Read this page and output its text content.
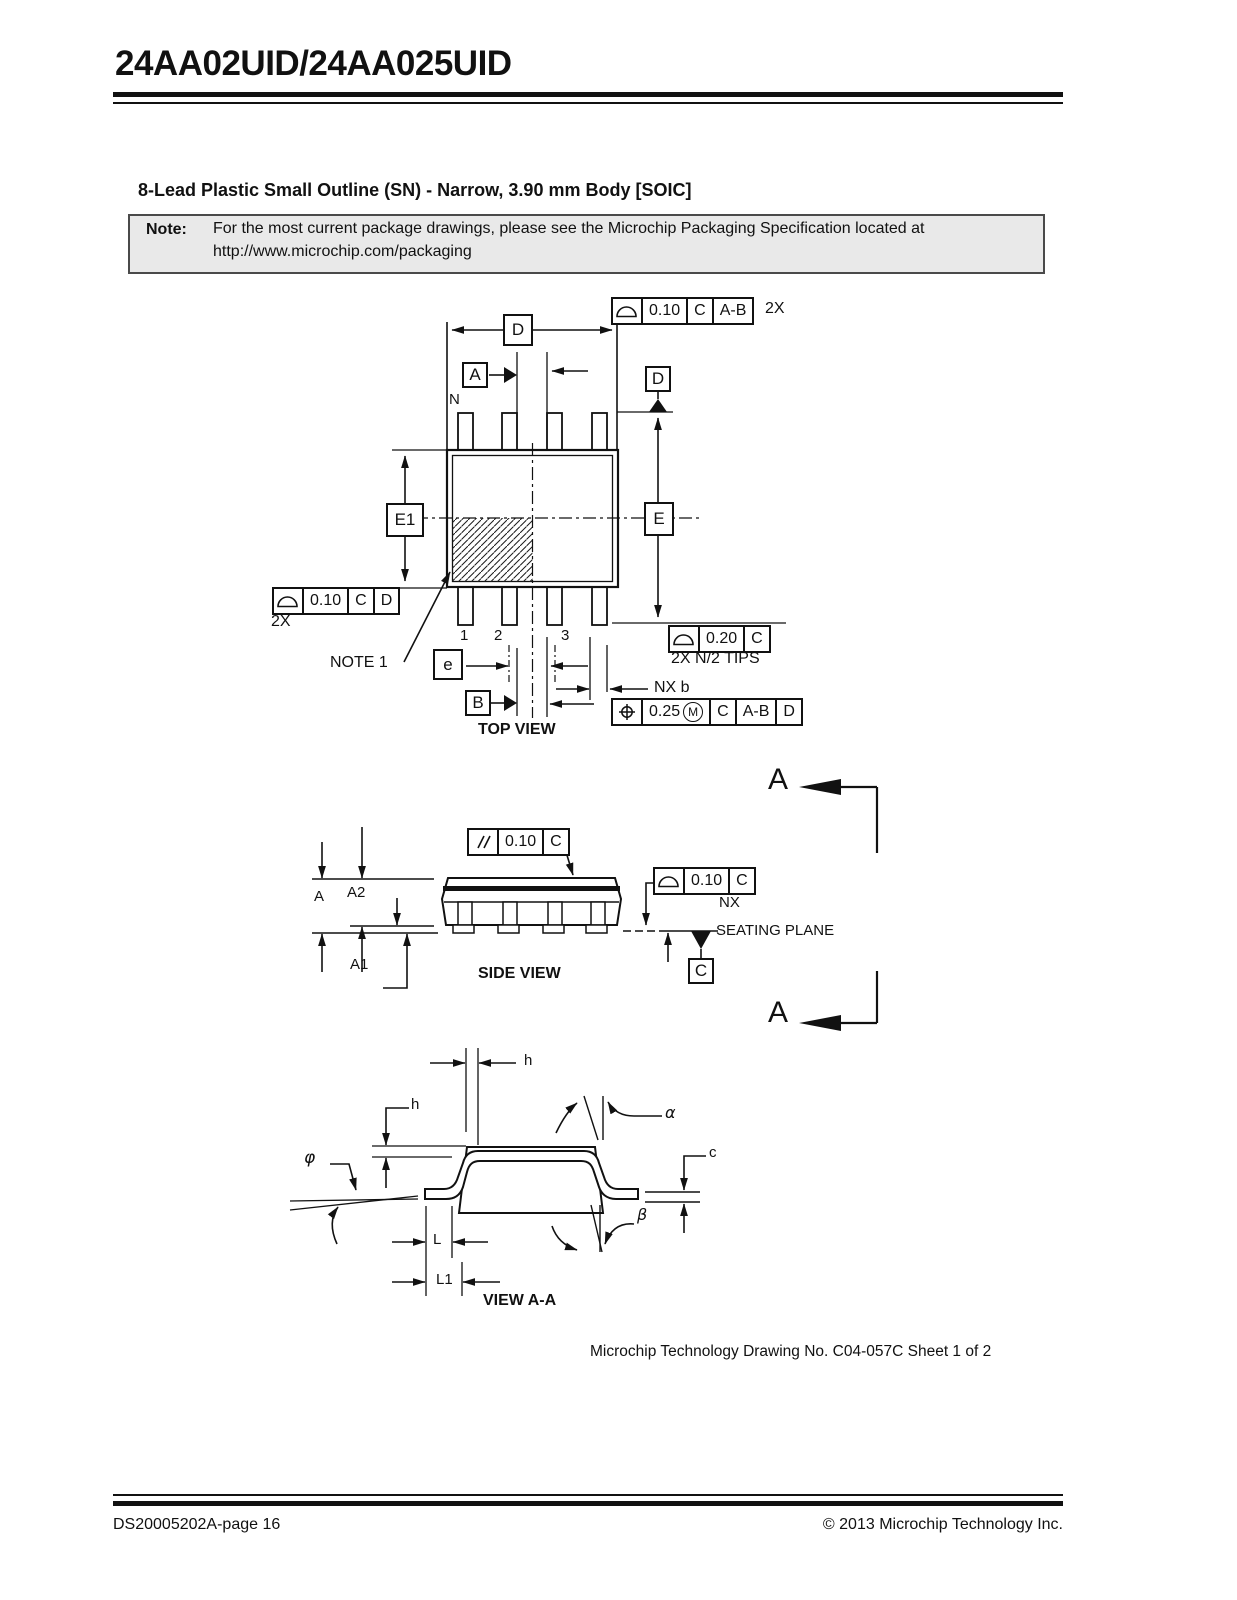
24AA02UID/24AA025UID
8-Lead Plastic Small Outline (SN) - Narrow, 3.90 mm Body [SOIC]
Note: For the most current package drawings, please see the Microchip Packaging Specification located at
http://www.microchip.com/packaging
0.10 C A-B	2X
D
A	D
N
E1	E
0.10 C D
2X
1 2	3
NOTE 1	e
B
0.20 C
2X N/2 TIPS
NX b
0.25 M	C A-B D
TOP VIEW
A
A
0.10 C
0.10 C
NX
SEATING PLANE
A A2
A1	C
SIDE VIEW
h
h	α
c
φ
β
L
L1
VIEW A-A
Microchip Technology Drawing No. C04-057C Sheet 1 of 2
DS20005202A-page 16	© 2013 Microchip Technology Inc.
